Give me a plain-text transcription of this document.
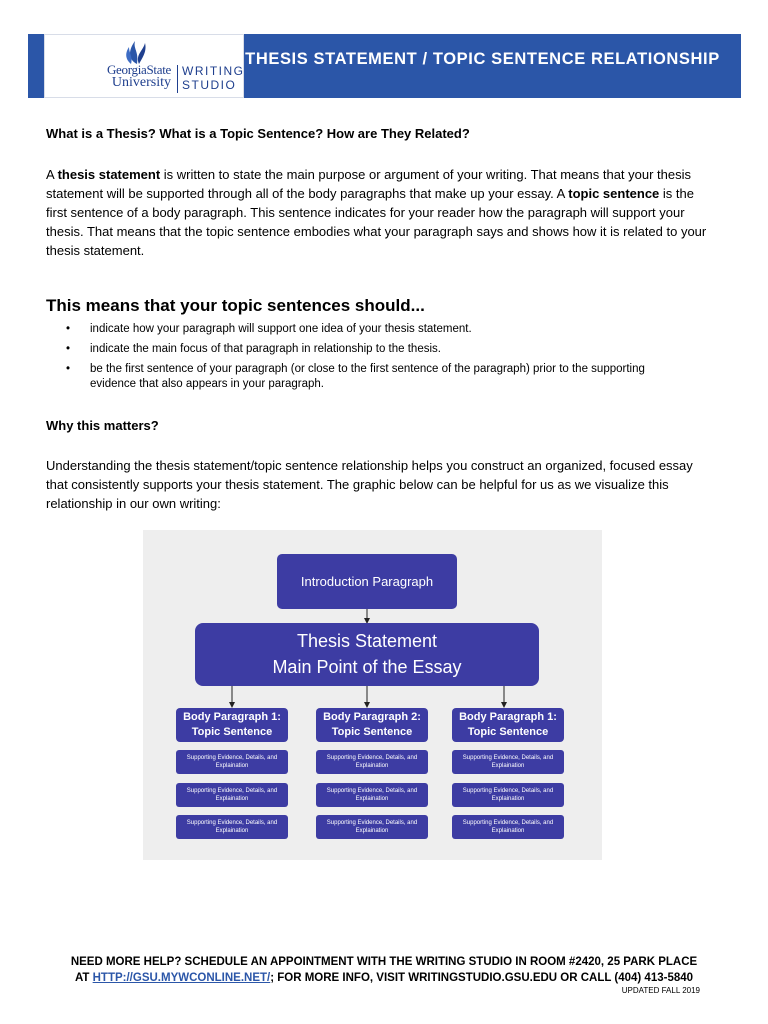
GeorgiaState
University
WRITING
STUDIO
THESIS STATEMENT / TOPIC SENTENCE RELATIONSHIP
What is a Thesis? What is a Topic Sentence? How are They Related?
A thesis statement is written to state the main purpose or argument of your writing. That means that your thesis statement will be supported through all of the body paragraphs that make up your essay. A topic sentence is the first sentence of a body paragraph. This sentence indicates for your reader how the paragraph will support your thesis. That means that the topic sentence embodies what your paragraph says and shows how it is related to your thesis statement.
This means that your topic sentences should...
• indicate how your paragraph will support one idea of your thesis statement.
• indicate the main focus of that paragraph in relationship to the thesis.
• be the first sentence of your paragraph (or close to the first sentence of the paragraph) prior to the supporting evidence that also appears in your paragraph.
Why this matters?
Understanding the thesis statement/topic sentence relationship helps you construct an organized, focused essay that consistently supports your thesis statement. The graphic below can be helpful for us as we visualize this relationship in our own writing:
Introduction Paragraph
Thesis Statement
Main Point of the Essay
Body Paragraph 1:
Topic Sentence
Supporting Evidence, Details, and
Explaination
Supporting Evidence, Details, and
Explaination
Supporting Evidence, Details, and
Explaination
Body Paragraph 2:
Topic Sentence
Supporting Evidence, Details, and
Explaination
Supporting Evidence, Details, and
Explaination
Supporting Evidence, Details, and
Explaination
Body Paragraph 1:
Topic Sentence
Supporting Evidence, Details, and
Explaination
Supporting Evidence, Details, and
Explaination
Supporting Evidence, Details, and
Explaination
NEED MORE HELP? SCHEDULE AN APPOINTMENT WITH THE WRITING STUDIO IN ROOM #2420, 25 PARK PLACE
AT HTTP://GSU.MYWCONLINE.NET/; FOR MORE INFO, VISIT WRITINGSTUDIO.GSU.EDU OR CALL (404) 413-5840
UPDATED FALL 2019
